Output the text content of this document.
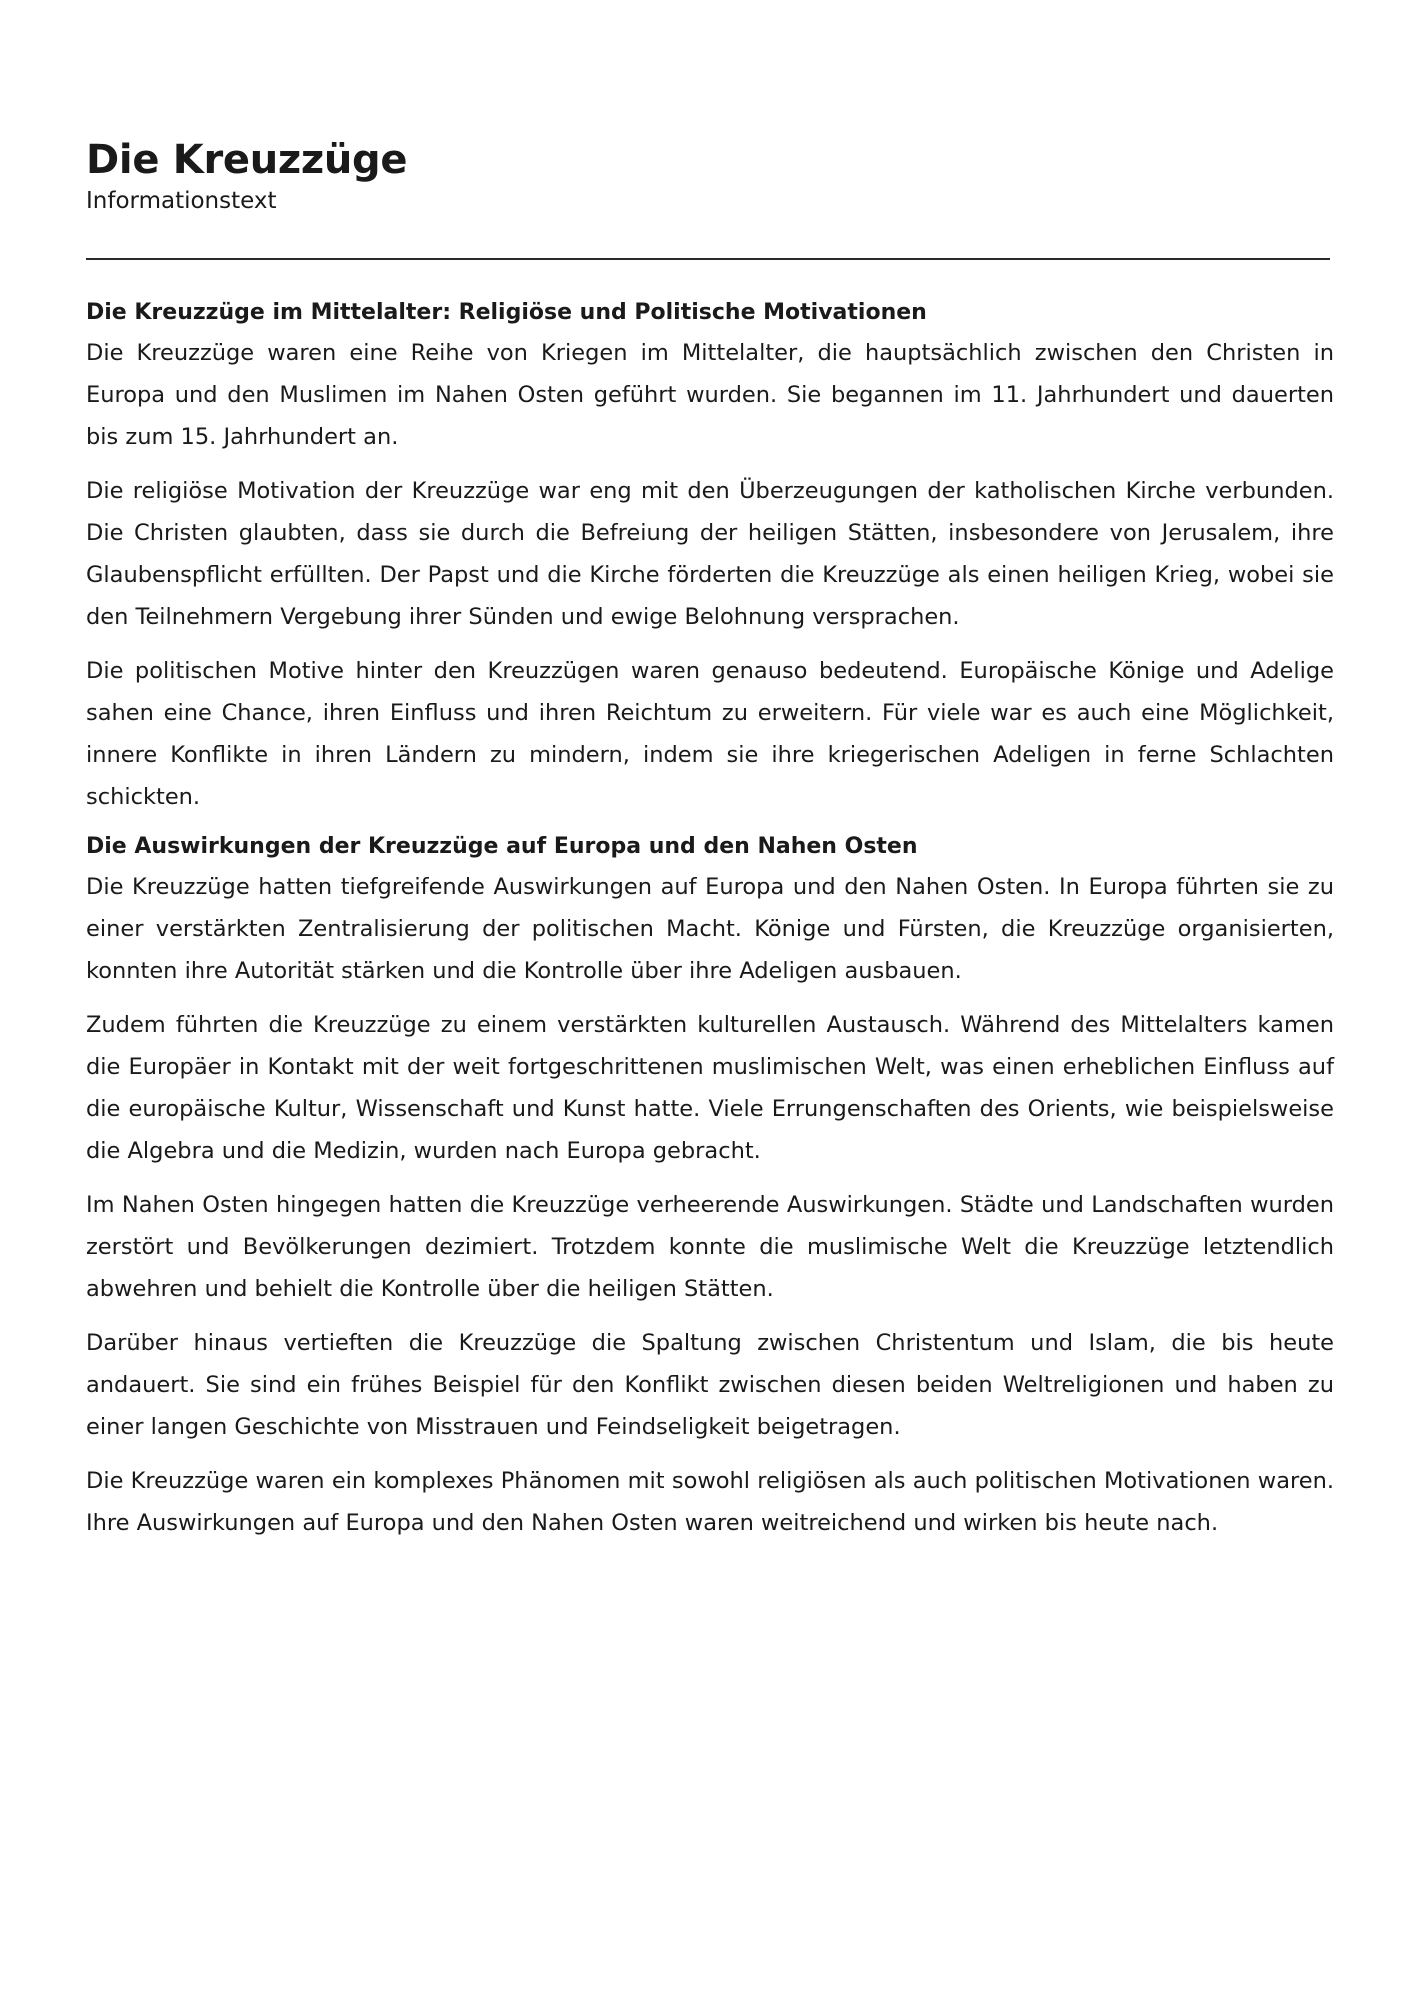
Die Kreuzzüge
Informationstext
Die Kreuzzüge im Mittelalter: Religiöse und Politische Motivationen

Die Kreuzzüge waren eine Reihe von Kriegen im Mittelalter, die hauptsächlich zwischen den Christen in Europa und den Muslimen im Nahen Osten geführt wurden. Sie begannen im 11. Jahrhundert und dauerten bis zum 15. Jahrhundert an.

Die religiöse Motivation der Kreuzzüge war eng mit den Überzeugungen der katholischen Kirche verbunden. Die Christen glaubten, dass sie durch die Befreiung der heiligen Stätten, insbesondere von Jerusalem, ihre Glaubenspflicht erfüllten. Der Papst und die Kirche förderten die Kreuzzüge als einen heiligen Krieg, wobei sie den Teilnehmern Vergebung ihrer Sünden und ewige Belohnung versprachen.

Die politischen Motive hinter den Kreuzzügen waren genauso bedeutend. Europäische Könige und Adelige sahen eine Chance, ihren Einfluss und ihren Reichtum zu erweitern. Für viele war es auch eine Möglichkeit, innere Konflikte in ihren Ländern zu mindern, indem sie ihre kriegerischen Adeligen in ferne Schlachten schickten.

Die Auswirkungen der Kreuzzüge auf Europa und den Nahen Osten

Die Kreuzzüge hatten tiefgreifende Auswirkungen auf Europa und den Nahen Osten. In Europa führten sie zu einer verstärkten Zentralisierung der politischen Macht. Könige und Fürsten, die Kreuzzüge organisierten, konnten ihre Autorität stärken und die Kontrolle über ihre Adeligen ausbauen.

Zudem führten die Kreuzzüge zu einem verstärkten kulturellen Austausch. Während des Mittelalters kamen die Europäer in Kontakt mit der weit fortgeschrittenen muslimischen Welt, was einen erheblichen Einfluss auf die europäische Kultur, Wissenschaft und Kunst hatte. Viele Errungenschaften des Orients, wie beispielsweise die Algebra und die Medizin, wurden nach Europa gebracht.

Im Nahen Osten hingegen hatten die Kreuzzüge verheerende Auswirkungen. Städte und Landschaften wurden zerstört und Bevölkerungen dezimiert. Trotzdem konnte die muslimische Welt die Kreuzzüge letztendlich abwehren und behielt die Kontrolle über die heiligen Stätten.

Darüber hinaus vertieften die Kreuzzüge die Spaltung zwischen Christentum und Islam, die bis heute andauert. Sie sind ein frühes Beispiel für den Konflikt zwischen diesen beiden Weltreligionen und haben zu einer langen Geschichte von Misstrauen und Feindseligkeit beigetragen.

Die Kreuzzüge waren ein komplexes Phänomen mit sowohl religiösen als auch politischen Motivationen waren. Ihre Auswirkungen auf Europa und den Nahen Osten waren weitreichend und wirken bis heute nach.
